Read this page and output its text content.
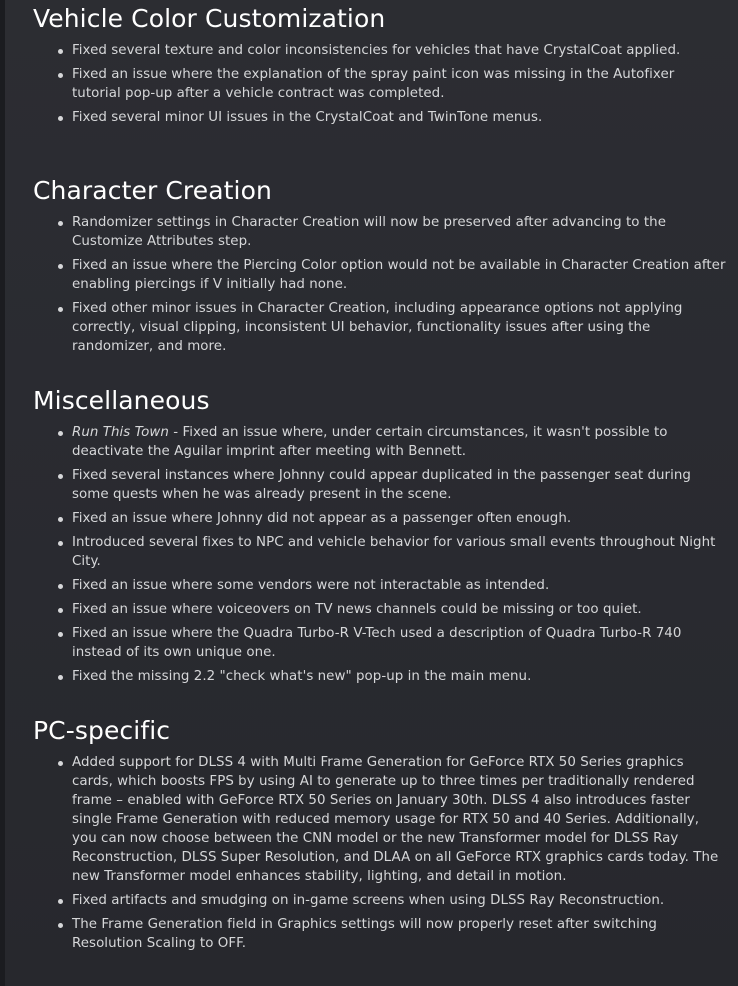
Vehicle Color Customization
Fixed several texture and color inconsistencies for vehicles that have CrystalCoat applied.
Fixed an issue where the explanation of the spray paint icon was missing in the Autofixer tutorial pop-up after a vehicle contract was completed.
Fixed several minor UI issues in the CrystalCoat and TwinTone menus.
Character Creation
Randomizer settings in Character Creation will now be preserved after advancing to the Customize Attributes step.
Fixed an issue where the Piercing Color option would not be available in Character Creation after enabling piercings if V initially had none.
Fixed other minor issues in Character Creation, including appearance options not applying correctly, visual clipping, inconsistent UI behavior, functionality issues after using the randomizer, and more.
Miscellaneous
Run This Town - Fixed an issue where, under certain circumstances, it wasn't possible to deactivate the Aguilar imprint after meeting with Bennett.
Fixed several instances where Johnny could appear duplicated in the passenger seat during some quests when he was already present in the scene.
Fixed an issue where Johnny did not appear as a passenger often enough.
Introduced several fixes to NPC and vehicle behavior for various small events throughout Night City.
Fixed an issue where some vendors were not interactable as intended.
Fixed an issue where voiceovers on TV news channels could be missing or too quiet.
Fixed an issue where the Quadra Turbo-R V-Tech used a description of Quadra Turbo-R 740 instead of its own unique one.
Fixed the missing 2.2 "check what's new" pop-up in the main menu.
PC-specific
Added support for DLSS 4 with Multi Frame Generation for GeForce RTX 50 Series graphics cards, which boosts FPS by using AI to generate up to three times per traditionally rendered frame – enabled with GeForce RTX 50 Series on January 30th. DLSS 4 also introduces faster single Frame Generation with reduced memory usage for RTX 50 and 40 Series. Additionally, you can now choose between the CNN model or the new Transformer model for DLSS Ray Reconstruction, DLSS Super Resolution, and DLAA on all GeForce RTX graphics cards today. The new Transformer model enhances stability, lighting, and detail in motion.
Fixed artifacts and smudging on in-game screens when using DLSS Ray Reconstruction.
The Frame Generation field in Graphics settings will now properly reset after switching Resolution Scaling to OFF.
